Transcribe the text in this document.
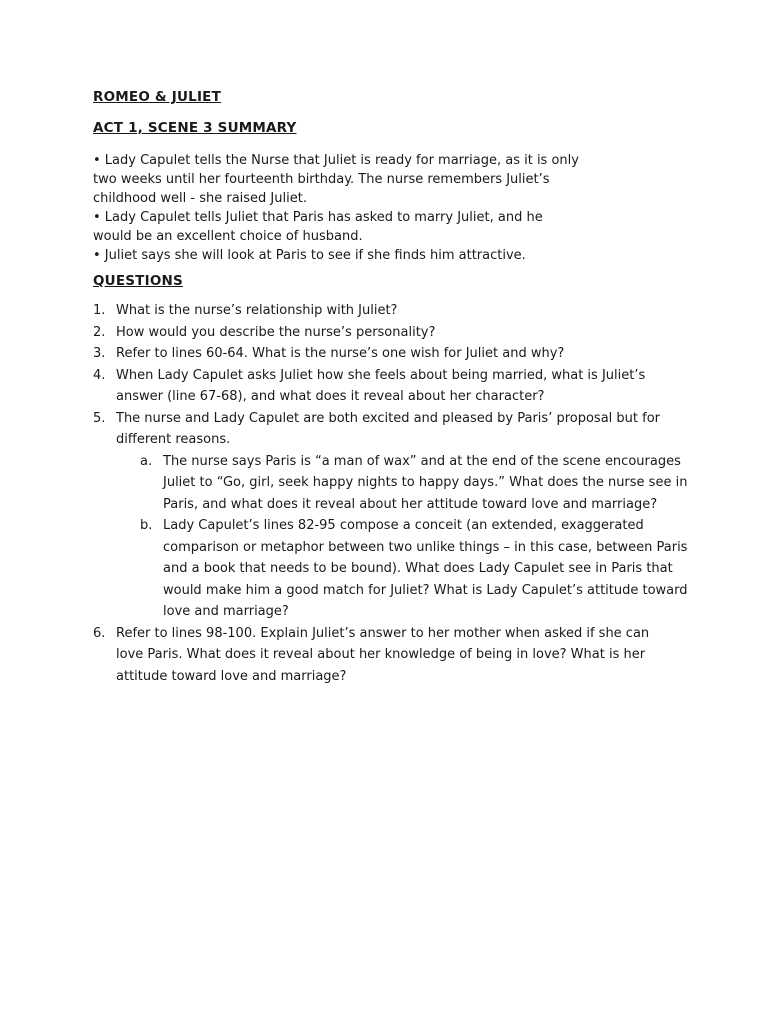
ROMEO & JULIET
ACT 1, SCENE 3 SUMMARY
• Lady Capulet tells the Nurse that Juliet is ready for marriage, as it is only
two weeks until her fourteenth birthday. The nurse remembers Juliet’s
childhood well - she raised Juliet.
• Lady Capulet tells Juliet that Paris has asked to marry Juliet, and he
would be an excellent choice of husband.
• Juliet says she will look at Paris to see if she finds him attractive.
QUESTIONS
1. What is the nurse’s relationship with Juliet?
2. How would you describe the nurse’s personality?
3. Refer to lines 60-64. What is the nurse’s one wish for Juliet and why?
4. When Lady Capulet asks Juliet how she feels about being married, what is Juliet’s
answer (line 67-68), and what does it reveal about her character?
5. The nurse and Lady Capulet are both excited and pleased by Paris’ proposal but for
different reasons.
a. The nurse says Paris is “a man of wax” and at the end of the scene encourages Juliet to “Go, girl, seek happy nights to happy days.” What does the nurse see in Paris, and what does it reveal about her attitude toward love and marriage?
b. Lady Capulet’s lines 82-95 compose a conceit (an extended, exaggerated comparison or metaphor between two unlike things – in this case, between Paris and a book that needs to be bound). What does Lady Capulet see in Paris that would make him a good match for Juliet? What is Lady Capulet’s attitude toward love and marriage?
6. Refer to lines 98-100. Explain Juliet’s answer to her mother when asked if she can
love Paris. What does it reveal about her knowledge of being in love? What is her
attitude toward love and marriage?
